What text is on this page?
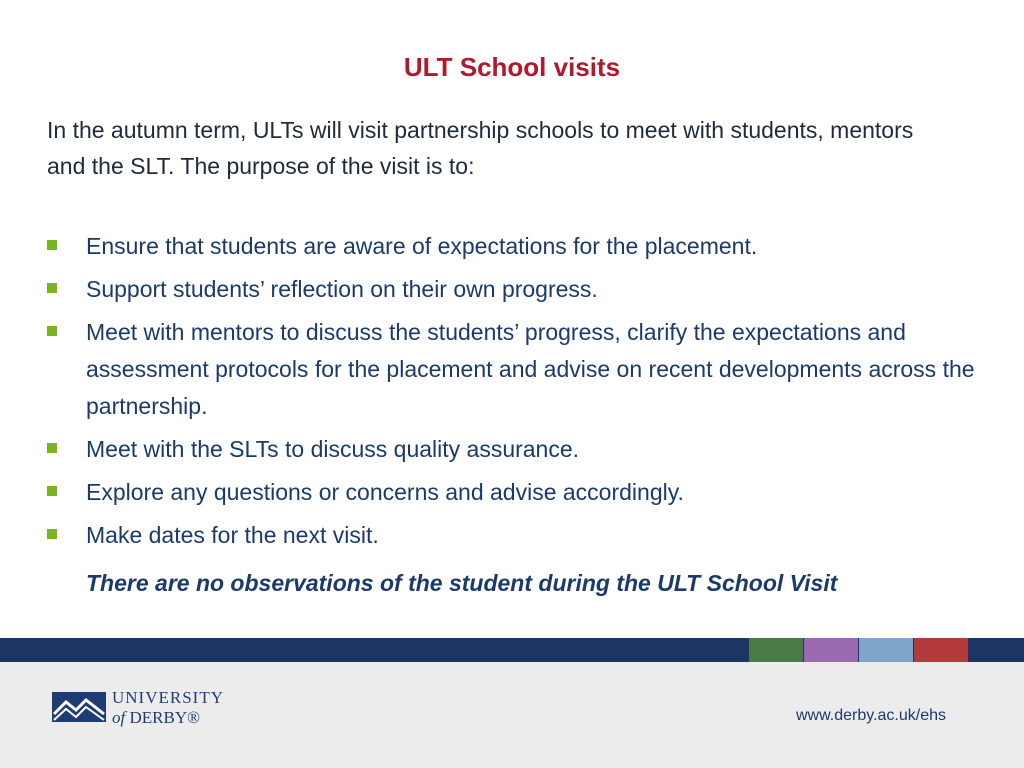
ULT School visits
In the autumn term, ULTs will visit partnership schools to meet with students, mentors and the SLT. The purpose of the visit is to:
Ensure that students are aware of expectations for the placement.
Support students’ reflection on their own progress.
Meet with mentors to discuss the students’ progress, clarify the expectations and assessment protocols for the placement and advise on recent developments across the partnership.
Meet with the SLTs to discuss quality assurance.
Explore any questions or concerns and advise accordingly.
Make dates for the next visit.
There are no observations of the student during the ULT School Visit
UNIVERSITY
of DERBY®	www.derby.ac.uk/ehs
